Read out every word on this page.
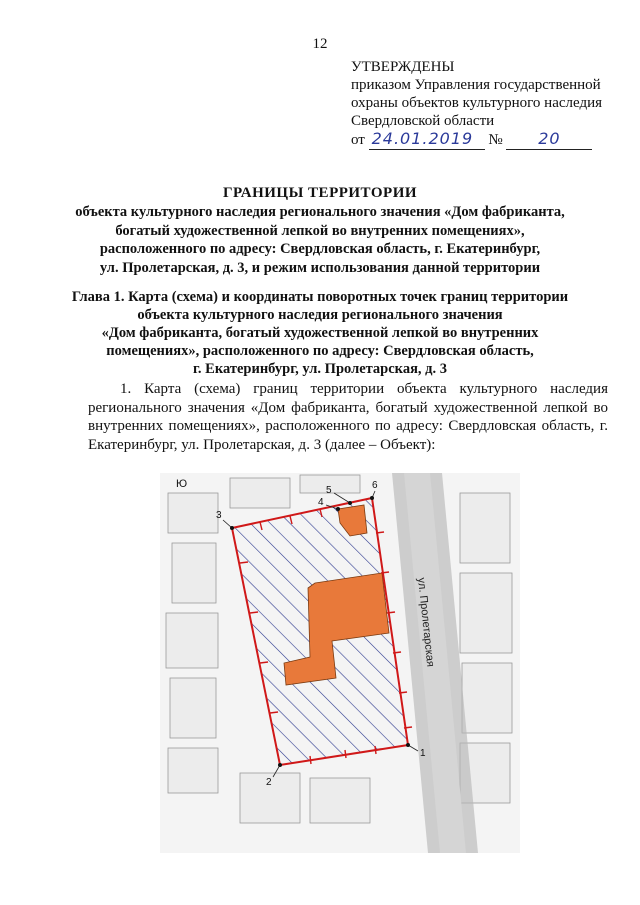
12
УТВЕРЖДЕНЫ
приказом Управления государственной
охраны объектов культурного наследия
Свердловской области
от 24.01.2019 № 20
ГРАНИЦЫ ТЕРРИТОРИИ
объекта культурного наследия регионального значения «Дом фабриканта,
богатый художественной лепкой во внутренних помещениях»,
расположенного по адресу: Свердловская область, г. Екатеринбург,
ул. Пролетарская, д. 3, и режим использования данной территории
Глава 1. Карта (схема) и координаты поворотных точек границ территории
объекта культурного наследия регионального значения
«Дом фабриканта, богатый художественной лепкой во внутренних
помещениях», расположенного по адресу: Свердловская область,
г. Екатеринбург, ул. Пролетарская, д. 3
1. Карта (схема) границ территории объекта культурного наследия регионального значения «Дом фабриканта, богатый художественной лепкой во внутренних помещениях», расположенного по адресу: Свердловская область, г. Екатеринбург, ул. Пролетарская, д. 3 (далее – Объект):
ул. Пролетарская
1
2
3
4
5	6
Ю
